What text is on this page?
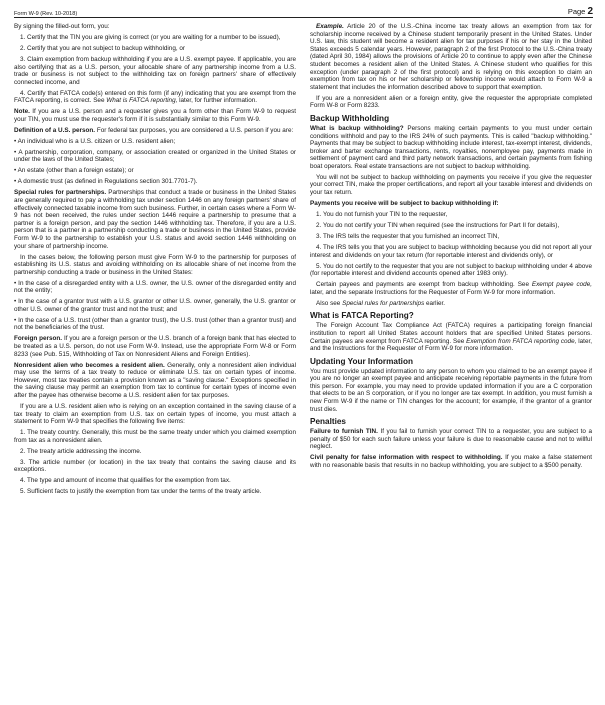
Form W-9 (Rev. 10-2018)	Page 2

By signing the filled-out form, you:

1. Certify that the TIN you are giving is correct (or you are waiting for a number to be issued),

2. Certify that you are not subject to backup withholding, or

3. Claim exemption from backup withholding if you are a U.S. exempt payee. If applicable, you are also certifying that as a U.S. person, your allocable share of any partnership income from a U.S. trade or business is not subject to the withholding tax on foreign partners' share of effectively connected income, and

4. Certify that FATCA code(s) entered on this form (if any) indicating that you are exempt from the FATCA reporting, is correct. See What is FATCA reporting, later, for further information.

Note. If you are a U.S. person and a requester gives you a form other than Form W-9 to request your TIN, you must use the requester's form if it is substantially similar to this Form W-9.

Definition of a U.S. person. For federal tax purposes, you are considered a U.S. person if you are:

• An individual who is a U.S. citizen or U.S. resident alien;

• A partnership, corporation, company, or association created or organized in the United States or under the laws of the United States;

• An estate (other than a foreign estate); or

• A domestic trust (as defined in Regulations section 301.7701-7).

Special rules for partnerships. Partnerships that conduct a trade or business in the United States are generally required to pay a withholding tax under section 1446 on any foreign partners' share of effectively connected taxable income from such business. Further, in certain cases where a Form W-9 has not been received, the rules under section 1446 require a partnership to presume that a partner is a foreign person, and pay the section 1446 withholding tax. Therefore, if you are a U.S. person that is a partner in a partnership conducting a trade or business in the United States, provide Form W-9 to the partnership to establish your U.S. status and avoid section 1446 withholding on your share of partnership income.

In the cases below, the following person must give Form W-9 to the partnership for purposes of establishing its U.S. status and avoiding withholding on its allocable share of net income from the partnership conducting a trade or business in the United States:

• In the case of a disregarded entity with a U.S. owner, the U.S. owner of the disregarded entity and not the entity;

• In the case of a grantor trust with a U.S. grantor or other U.S. owner, generally, the U.S. grantor or other U.S. owner of the grantor trust and not the trust; and

• In the case of a U.S. trust (other than a grantor trust), the U.S. trust (other than a grantor trust) and not the beneficiaries of the trust.

Foreign person. If you are a foreign person or the U.S. branch of a foreign bank that has elected to be treated as a U.S. person, do not use Form W-9. Instead, use the appropriate Form W-8 or Form 8233 (see Pub. 515, Withholding of Tax on Nonresident Aliens and Foreign Entities).

Nonresident alien who becomes a resident alien. Generally, only a nonresident alien individual may use the terms of a tax treaty to reduce or eliminate U.S. tax on certain types of income. However, most tax treaties contain a provision known as a "saving clause." Exceptions specified in the saving clause may permit an exemption from tax to continue for certain types of income even after the payee has otherwise become a U.S. resident alien for tax purposes.

If you are a U.S. resident alien who is relying on an exception contained in the saving clause of a tax treaty to claim an exemption from U.S. tax on certain types of income, you must attach a statement to Form W-9 that specifies the following five items:

1. The treaty country. Generally, this must be the same treaty under which you claimed exemption from tax as a nonresident alien.

2. The treaty article addressing the income.

3. The article number (or location) in the tax treaty that contains the saving clause and its exceptions.

4. The type and amount of income that qualifies for the exemption from tax.

5. Sufficient facts to justify the exemption from tax under the terms of the treaty article.

Example. Article 20 of the U.S.-China income tax treaty allows an exemption from tax for scholarship income received by a Chinese student temporarily present in the United States. Under U.S. law, this student will become a resident alien for tax purposes if his or her stay in the United States exceeds 5 calendar years. However, paragraph 2 of the first Protocol to the U.S.-China treaty (dated April 30, 1984) allows the provisions of Article 20 to continue to apply even after the Chinese student becomes a resident alien of the United States. A Chinese student who qualifies for this exception (under paragraph 2 of the first protocol) and is relying on this exception to claim an exemption from tax on his or her scholarship or fellowship income would attach to Form W-9 a statement that includes the information described above to support that exemption.

If you are a nonresident alien or a foreign entity, give the requester the appropriate completed Form W-8 or Form 8233.

Backup Withholding

What is backup withholding? Persons making certain payments to you must under certain conditions withhold and pay to the IRS 24% of such payments. This is called "backup withholding." Payments that may be subject to backup withholding include interest, tax-exempt interest, dividends, broker and barter exchange transactions, rents, royalties, nonemployee pay, payments made in settlement of payment card and third party network transactions, and certain payments from fishing boat operators. Real estate transactions are not subject to backup withholding.

You will not be subject to backup withholding on payments you receive if you give the requester your correct TIN, make the proper certifications, and report all your taxable interest and dividends on your tax return.

Payments you receive will be subject to backup withholding if:

1. You do not furnish your TIN to the requester,

2. You do not certify your TIN when required (see the instructions for Part II for details),

3. The IRS tells the requester that you furnished an incorrect TIN,

4. The IRS tells you that you are subject to backup withholding because you did not report all your interest and dividends on your tax return (for reportable interest and dividends only), or

5. You do not certify to the requester that you are not subject to backup withholding under 4 above (for reportable interest and dividend accounts opened after 1983 only).

Certain payees and payments are exempt from backup withholding. See Exempt payee code, later, and the separate Instructions for the Requester of Form W-9 for more information.

Also see Special rules for partnerships earlier.

What is FATCA Reporting?

The Foreign Account Tax Compliance Act (FATCA) requires a participating foreign financial institution to report all United States account holders that are specified United States persons. Certain payees are exempt from FATCA reporting. See Exemption from FATCA reporting code, later, and the Instructions for the Requester of Form W-9 for more information.

Updating Your Information

You must provide updated information to any person to whom you claimed to be an exempt payee if you are no longer an exempt payee and anticipate receiving reportable payments in the future from this person. For example, you may need to provide updated information if you are a C corporation that elects to be an S corporation, or if you no longer are tax exempt. In addition, you must furnish a new Form W-9 if the name or TIN changes for the account; for example, if the grantor of a grantor trust dies.

Penalties

Failure to furnish TIN. If you fail to furnish your correct TIN to a requester, you are subject to a penalty of $50 for each such failure unless your failure is due to reasonable cause and not to willful neglect.

Civil penalty for false information with respect to withholding. If you make a false statement with no reasonable basis that results in no backup withholding, you are subject to a $500 penalty.
